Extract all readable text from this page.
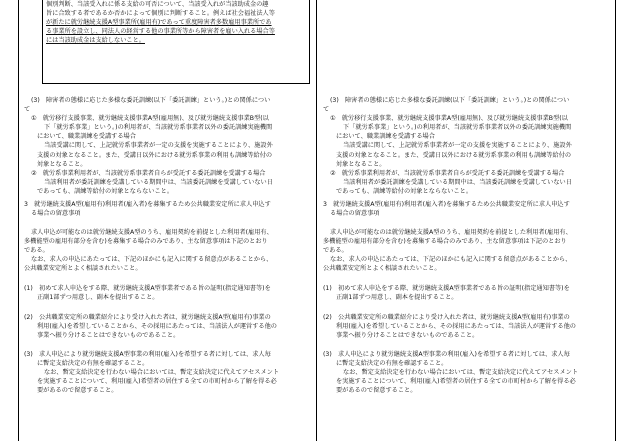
個別判断、当該受入れに係る支給の可否について、当該受入れが当該助成金の趣
旨に合致する者であるか否かによって個別に判断すること。例えば社会福祉法人等
が新たに就労継続支援A型事業所(雇用有)であって重度障害者多数雇用事業所であ
る事業所を設立し、同法人の経営する他の事業所等から障害者を雇い入れる場合等
には当該助成金は支給しないこと。
(3)　障害者の態様に応じた多様な委託訓練(以下「委託訓練」という。)との関係につい
て
①　就労移行支援事業、就労継続支援事業A型(雇用無)、及び就労継続支援事業B型(以
下「就労系事業」という。)の利用者が、当該就労系事業者以外の委託訓練実施機関
において、職業訓練を受講する場合
当該受講に関して、上記就労系事業者が一定の支援を実施することにより、施設外
支援の対象となること。また、受講日以外における就労系事業の利用も訓練等給付の
対象となること。
②　就労系事業利用者が、当該就労系事業者自らが受託する委託訓練を受講する場合
当該利用者が委託訓練を受講している期間中は、当該委託訓練を受講していない日
であっても、訓練等給付の対象とならないこと。
3　就労継続支援A型(雇用有)利用者(雇入者)を募集するため公共職業安定所に求人申込す
る場合の留意事項
求人申込が可能なのは就労継続支援A型のうち、雇用契約を前提とした利用者(雇用有、
多機能型の雇用有部分を含む)を募集する場合のみであり、主な留意事項は下記のとおり
である。
なお、求人の申込にあたっては、下記のほかにも記入に関する留意点があることから、
公共職業安定所とよく相談されたいこと。
(1)　初めて求人申込をする際、就労継続支援A型事業者である旨の証明(指定通知書等)を
正副1部ずつ用意し、副本を提出すること。
(2)　公共職業安定所の職業紹介により受け入れた者は、就労継続支援A型(雇用有)事業の
利用(雇入)を希望していることから、その採用にあたっては、当該法人が運営する他の
事業へ振り分けることはできないものであること。
(3)　求人申込により就労継続支援A型事業の利用(雇入)を希望する者に対しては、求人毎
に暫定支給決定の有無を確認すること。
なお、暫定支給決定を行わない場合においては、暫定支給決定に代えてアセスメント
を実施することについて、利用(雇入)希望者の居住する全ての市町村から了解を得る必
要があるので留意すること。
(3)　障害者の態様に応じた多様な委託訓練(以下「委託訓練」という。)との関係につい
て
①　就労移行支援事業、就労継続支援事業A型(雇用無)、及び就労継続支援事業B型(以
下「就労系事業」という。)の利用者が、当該就労系事業者以外の委託訓練実施機関
において、職業訓練を受講する場合
当該受講に関して、上記就労系事業者が一定の支援を実施することにより、施設外
支援の対象となること。また、受講日以外における就労系事業の利用も訓練等給付の
対象となること。
②　就労系事業利用者が、当該就労系事業者自らが受託する委託訓練を受講する場合
当該利用者が委託訓練を受講している期間中は、当該委託訓練を受講していない日
であっても、訓練等給付の対象とならないこと。
3　就労継続支援A型(雇用有)利用者(雇入者)を募集するため公共職業安定所に求人申込す
る場合の留意事項
求人申込が可能なのは就労継続支援A型のうち、雇用契約を前提とした利用者(雇用有、
多機能型の雇用有部分を含む)を募集する場合のみであり、主な留意事項は下記のとおり
である。
なお、求人の申込にあたっては、下記のほかにも記入に関する留意点があることから、
公共職業安定所とよく相談されたいこと。
(1)　初めて求人申込をする際、就労継続支援A型事業者である旨の証明(指定通知書等)を
正副1部ずつ用意し、副本を提出すること。
(2)　公共職業安定所の職業紹介により受け入れた者は、就労継続支援A型(雇用有)事業の
利用(雇入)を希望していることから、その採用にあたっては、当該法人が運営する他の
事業へ振り分けることはできないものであること。
(3)　求人申込により就労継続支援A型事業の利用(雇入)を希望する者に対しては、求人毎
に暫定支給決定の有無を確認すること。
なお、暫定支給決定を行わない場合においては、暫定支給決定に代えてアセスメント
を実施することについて、利用(雇入)希望者の居住する全ての市町村から了解を得る必
要があるので留意すること。
